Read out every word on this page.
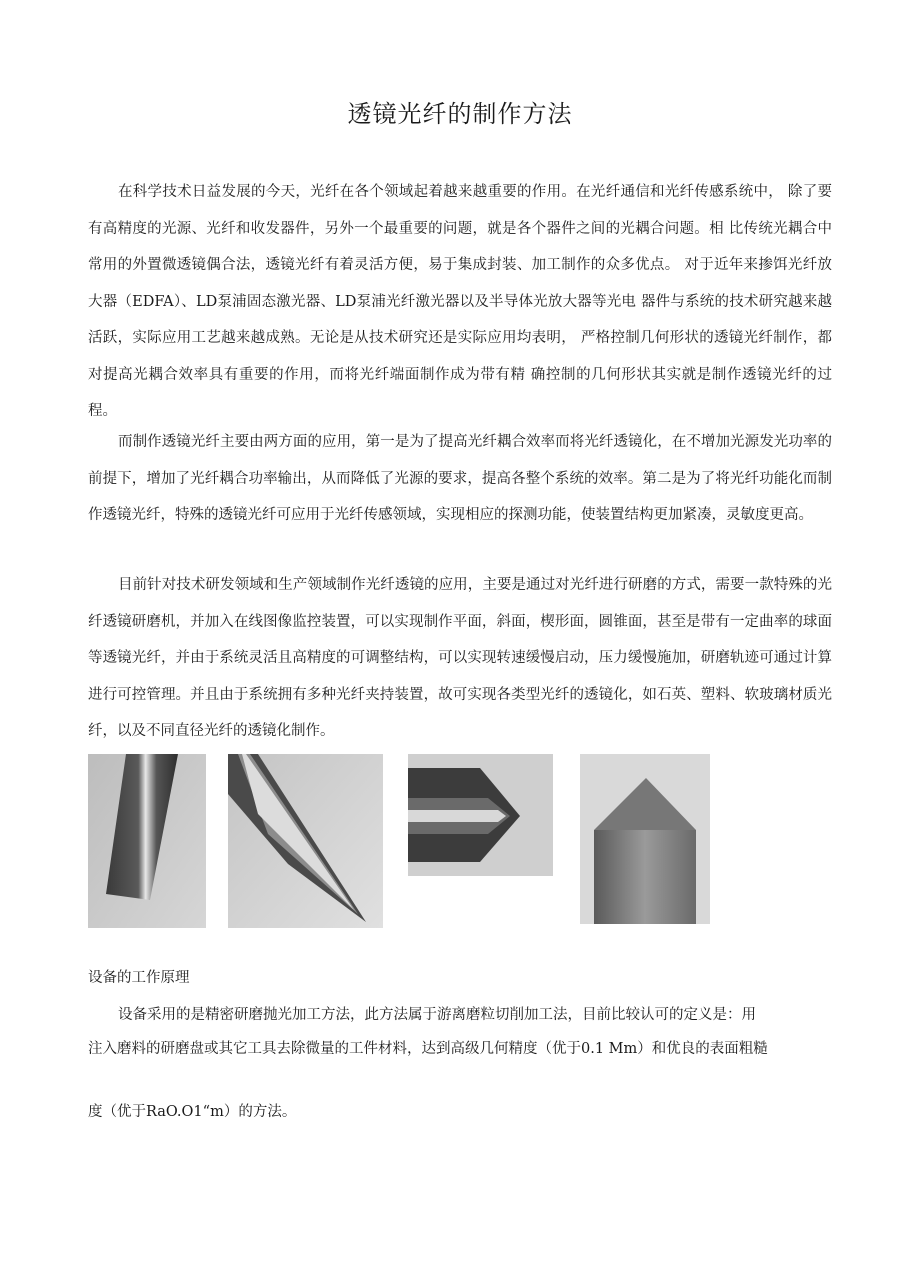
透镜光纤的制作方法

在科学技术日益发展的今天，光纤在各个领域起着越来越重要的作用。在光纤通信和光纤传感系统中， 除了要有高精度的光源、光纤和收发器件，另外一个最重要的问题，就是各个器件之间的光耦合问题。相 比传统光耦合中常用的外置微透镜偶合法，透镜光纤有着灵活方便，易于集成封装、加工制作的众多优点。 对于近年来掺饵光纤放大器（EDFA）、LD泵浦固态激光器、LD泵浦光纤激光器以及半导体光放大器等光电 器件与系统的技术研究越来越活跃，实际应用工艺越来越成熟。无论是从技术研究还是实际应用均表明， 严格控制几何形状的透镜光纤制作，都对提高光耦合效率具有重要的作用，而将光纤端面制作成为带有精 确控制的几何形状其实就是制作透镜光纤的过程。

而制作透镜光纤主要由两方面的应用，第一是为了提高光纤耦合效率而将光纤透镜化，在不增加光源发光功率的前提下，增加了光纤耦合功率输出，从而降低了光源的要求，提高各整个系统的效率。第二是为了将光纤功能化而制作透镜光纤，特殊的透镜光纤可应用于光纤传感领域，实现相应的探测功能，使装置结构更加紧凑，灵敏度更高。

目前针对技术研发领域和生产领域制作光纤透镜的应用，主要是通过对光纤进行研磨的方式，需要一款特殊的光纤透镜研磨机，并加入在线图像监控装置，可以实现制作平面，斜面，楔形面，圆锥面，甚至是带有一定曲率的球面等透镜光纤，并由于系统灵活且高精度的可调整结构，可以实现转速缓慢启动，压力缓慢施加，研磨轨迹可通过计算进行可控管理。并且由于系统拥有多种光纤夹持装置，故可实现各类型光纤的透镜化，如石英、塑料、软玻璃材质光纤，以及不同直径光纤的透镜化制作。

设备的工作原理

设备采用的是精密研磨抛光加工方法，此方法属于游离磨粒切削加工法，目前比较认可的定义是：用

注入磨料的研磨盘或其它工具去除微量的工件材料，达到高级几何精度（优于0.1 Mm）和优良的表面粗糙

度（优于RaO.O1“m）的方法。
